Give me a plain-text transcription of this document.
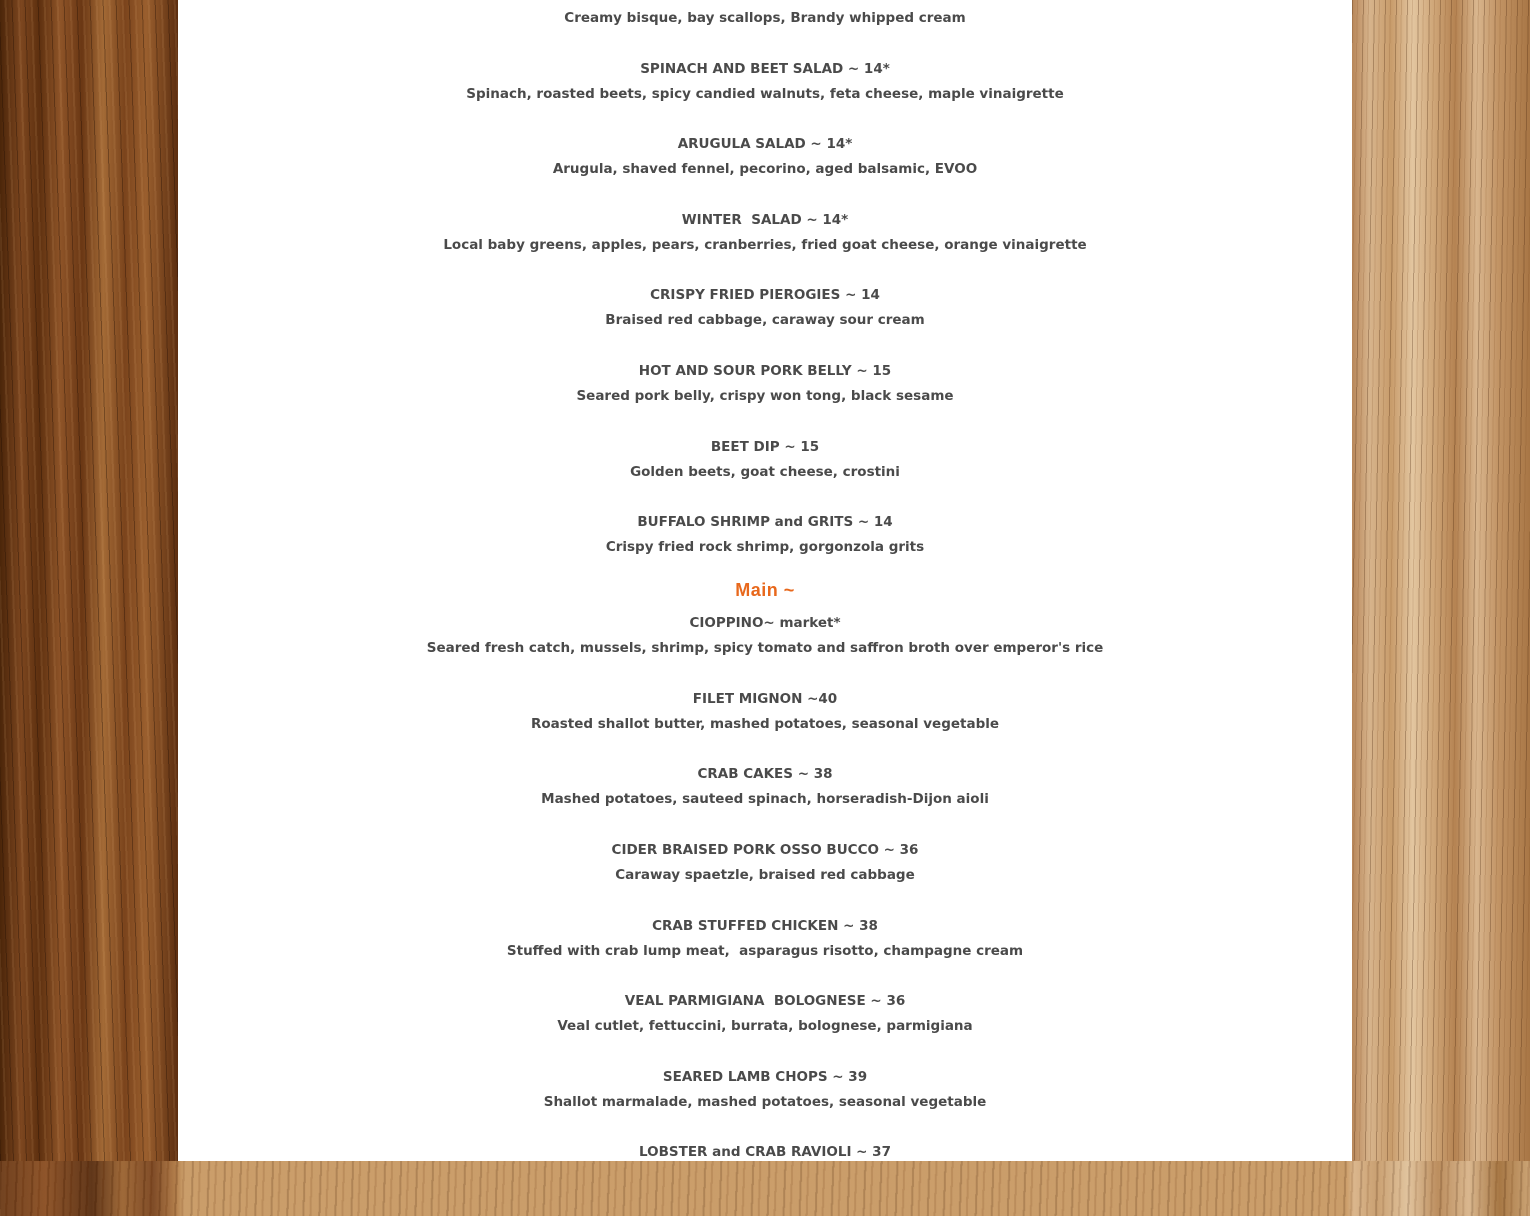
Creamy bisque, bay scallops, Brandy whipped cream
SPINACH AND BEET SALAD ~ 14*
Spinach, roasted beets, spicy candied walnuts, feta cheese, maple vinaigrette
ARUGULA SALAD ~ 14*
Arugula, shaved fennel, pecorino, aged balsamic, EVOO
WINTER  SALAD ~ 14*
Local baby greens, apples, pears, cranberries, fried goat cheese, orange vinaigrette
CRISPY FRIED PIEROGIES ~ 14
Braised red cabbage, caraway sour cream
HOT AND SOUR PORK BELLY ~ 15
Seared pork belly, crispy won tong, black sesame
BEET DIP ~ 15
Golden beets, goat cheese, crostini
BUFFALO SHRIMP and GRITS ~ 14
Crispy fried rock shrimp, gorgonzola grits
Main ~
CIOPPINO~ market*
Seared fresh catch, mussels, shrimp, spicy tomato and saffron broth over emperor's rice
FILET MIGNON ~40
Roasted shallot butter, mashed potatoes, seasonal vegetable
CRAB CAKES ~ 38
Mashed potatoes, sauteed spinach, horseradish-Dijon aioli
CIDER BRAISED PORK OSSO BUCCO ~ 36
Caraway spaetzle, braised red cabbage
CRAB STUFFED CHICKEN ~ 38
Stuffed with crab lump meat,  asparagus risotto, champagne cream
VEAL PARMIGIANA  BOLOGNESE ~ 36
Veal cutlet, fettuccini, burrata, bolognese, parmigiana
SEARED LAMB CHOPS ~ 39
Shallot marmalade, mashed potatoes, seasonal vegetable
LOBSTER and CRAB RAVIOLI ~ 37
